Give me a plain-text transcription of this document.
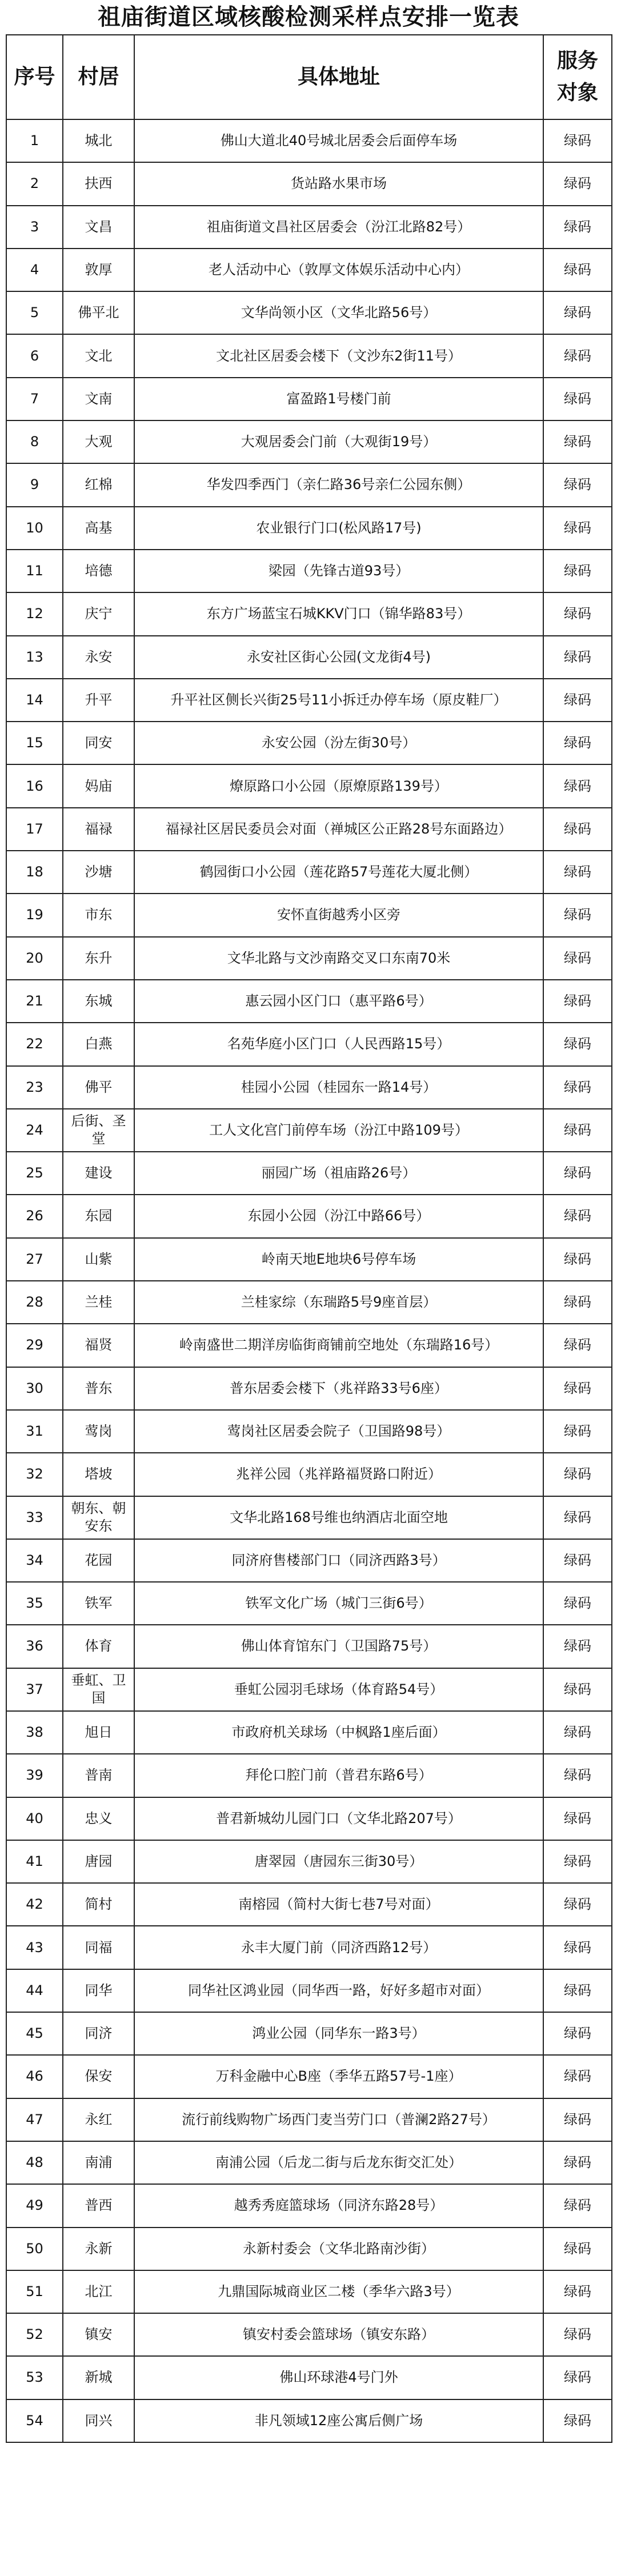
祖庙街道区域核酸检测采样点安排一览表
序号	村居	具体地址	服务
对象
1	城北	佛山大道北40号城北居委会后面停车场	绿码
2	扶西	货站路水果市场	绿码
3	文昌	祖庙街道文昌社区居委会（汾江北路82号）	绿码
4	敦厚	老人活动中心（敦厚文体娱乐活动中心内）	绿码
5	佛平北	文华尚领小区（文华北路56号）	绿码
6	文北	文北社区居委会楼下（文沙东2街11号）	绿码
7	文南	富盈路1号楼门前	绿码
8	大观	大观居委会门前（大观街19号）	绿码
9	红棉	华发四季西门（亲仁路36号亲仁公园东侧）	绿码
10	高基	农业银行门口(松风路17号)	绿码
11	培德	梁园（先锋古道93号）	绿码
12	庆宁	东方广场蓝宝石城KKV门口（锦华路83号）	绿码
13	永安	永安社区街心公园(文龙街4号)	绿码
14	升平	升平社区侧长兴街25号11小拆迁办停车场（原皮鞋厂）	绿码
15	同安	永安公园（汾左街30号）	绿码
16	妈庙	燎原路口小公园（原燎原路139号）	绿码
17	福禄	福禄社区居民委员会对面（禅城区公正路28号东面路边）	绿码
18	沙塘	鹤园街口小公园（莲花路57号莲花大厦北侧）	绿码
19	市东	安怀直街越秀小区旁	绿码
20	东升	文华北路与文沙南路交叉口东南70米	绿码
21	东城	惠云园小区门口（惠平路6号）	绿码
22	白燕	名苑华庭小区门口（人民西路15号）	绿码
23	佛平	桂园小公园（桂园东一路14号）	绿码
24	后街、圣堂	工人文化宫门前停车场（汾江中路109号）	绿码
25	建设	丽园广场（祖庙路26号）	绿码
26	东园	东园小公园（汾江中路66号）	绿码
27	山紫	岭南天地E地块6号停车场	绿码
28	兰桂	兰桂家综（东瑞路5号9座首层）	绿码
29	福贤	岭南盛世二期洋房临街商铺前空地处（东瑞路16号）	绿码
30	普东	普东居委会楼下（兆祥路33号6座）	绿码
31	莺岗	莺岗社区居委会院子（卫国路98号）	绿码
32	塔坡	兆祥公园（兆祥路福贤路口附近）	绿码
33	朝东、朝安东	文华北路168号维也纳酒店北面空地	绿码
34	花园	同济府售楼部门口（同济西路3号）	绿码
35	铁军	铁军文化广场（城门三街6号）	绿码
36	体育	佛山体育馆东门（卫国路75号）	绿码
37	垂虹、卫国	垂虹公园羽毛球场（体育路54号）	绿码
38	旭日	市政府机关球场（中枫路1座后面）	绿码
39	普南	拜伦口腔门前（普君东路6号）	绿码
40	忠义	普君新城幼儿园门口（文华北路207号）	绿码
41	唐园	唐翠园（唐园东三街30号）	绿码
42	简村	南榕园（简村大街七巷7号对面）	绿码
43	同福	永丰大厦门前（同济西路12号）	绿码
44	同华	同华社区鸿业园（同华西一路，好好多超市对面）	绿码
45	同济	鸿业公园（同华东一路3号）	绿码
46	保安	万科金融中心B座（季华五路57号-1座）	绿码
47	永红	流行前线购物广场西门麦当劳门口（普澜2路27号）	绿码
48	南浦	南浦公园（后龙二街与后龙东街交汇处）	绿码
49	普西	越秀秀庭篮球场（同济东路28号）	绿码
50	永新	永新村委会（文华北路南沙街）	绿码
51	北江	九鼎国际城商业区二楼（季华六路3号）	绿码
52	镇安	镇安村委会篮球场（镇安东路）	绿码
53	新城	佛山环球港4号门外	绿码
54	同兴	非凡领域12座公寓后侧广场	绿码
